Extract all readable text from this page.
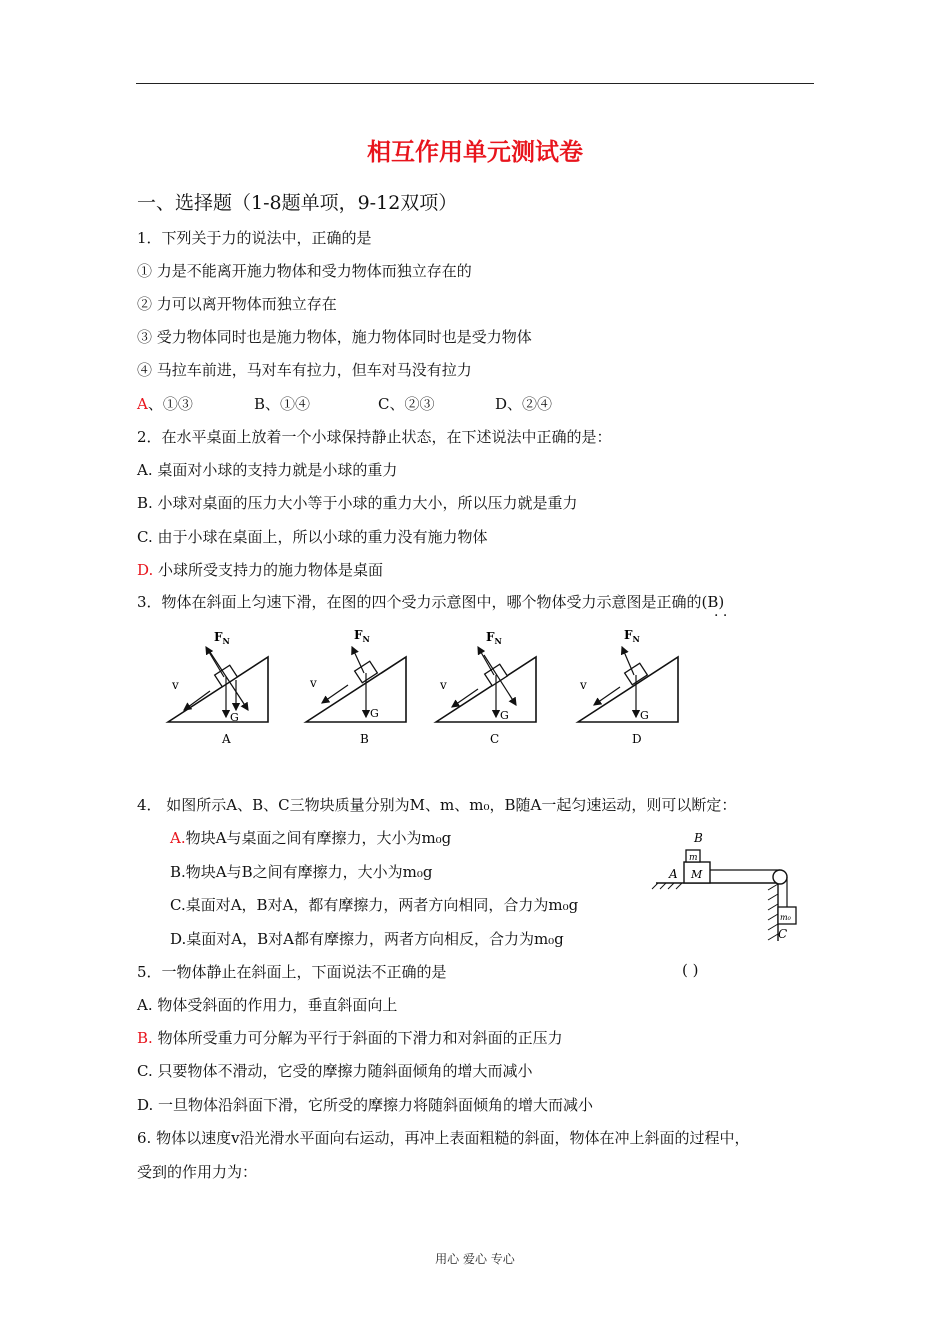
相互作用单元测试卷
一、选择题（1-8题单项，9-12双项）
1．下列关于力的说法中，正确的是
① 力是不能离开施力物体和受力物体而独立存在的
② 力可以离开物体而独立存在
③ 受力物体同时也是施力物体，施力物体同时也是受力物体
④ 马拉车前进，马对车有拉力，但车对马没有拉力
A、①③	B、①④	C、②③	D、②④
2．在水平桌面上放着一个小球保持静止状态，在下述说法中正确的是：
A. 桌面对小球的支持力就是小球的重力
B. 小球对桌面的压力大小等于小球的重力大小，所以压力就是重力
C. 由于小球在桌面上，所以小球的重力没有施力物体
D. 小球所受支持力的施力物体是桌面
3．物体在斜面上匀速下滑，在图的四个受力示意图中，哪个物体受力示意图是正确的(B)
· ·
$F_N$
v
G
A
$F_N$
v
G
B
$F_N$
v
G
C
$F_N$
v
G
D
4． 如图所示A、B、C三物块质量分别为M、m、m₀，B随A一起匀速运动，则可以断定：
A.物块A与桌面之间有摩擦力，大小为m₀g
B.物块A与B之间有摩擦力，大小为m₀g
C.桌面对A，B对A，都有摩擦力，两者方向相同，合力为m₀g
D.桌面对A，B对A都有摩擦力，两者方向相反，合力为m₀g
B
m
A M
m₀
C
5．一物体静止在斜面上，下面说法不正确的是	( )
A. 物体受斜面的作用力，垂直斜面向上
B. 物体所受重力可分解为平行于斜面的下滑力和对斜面的正压力
C. 只要物体不滑动，它受的摩擦力随斜面倾角的增大而减小
D. 一旦物体沿斜面下滑，它所受的摩擦力将随斜面倾角的增大而减小
6. 物体以速度v沿光滑水平面向右运动，再冲上表面粗糙的斜面，物体在冲上斜面的过程中，
受到的作用力为：
用心 爱心 专心
